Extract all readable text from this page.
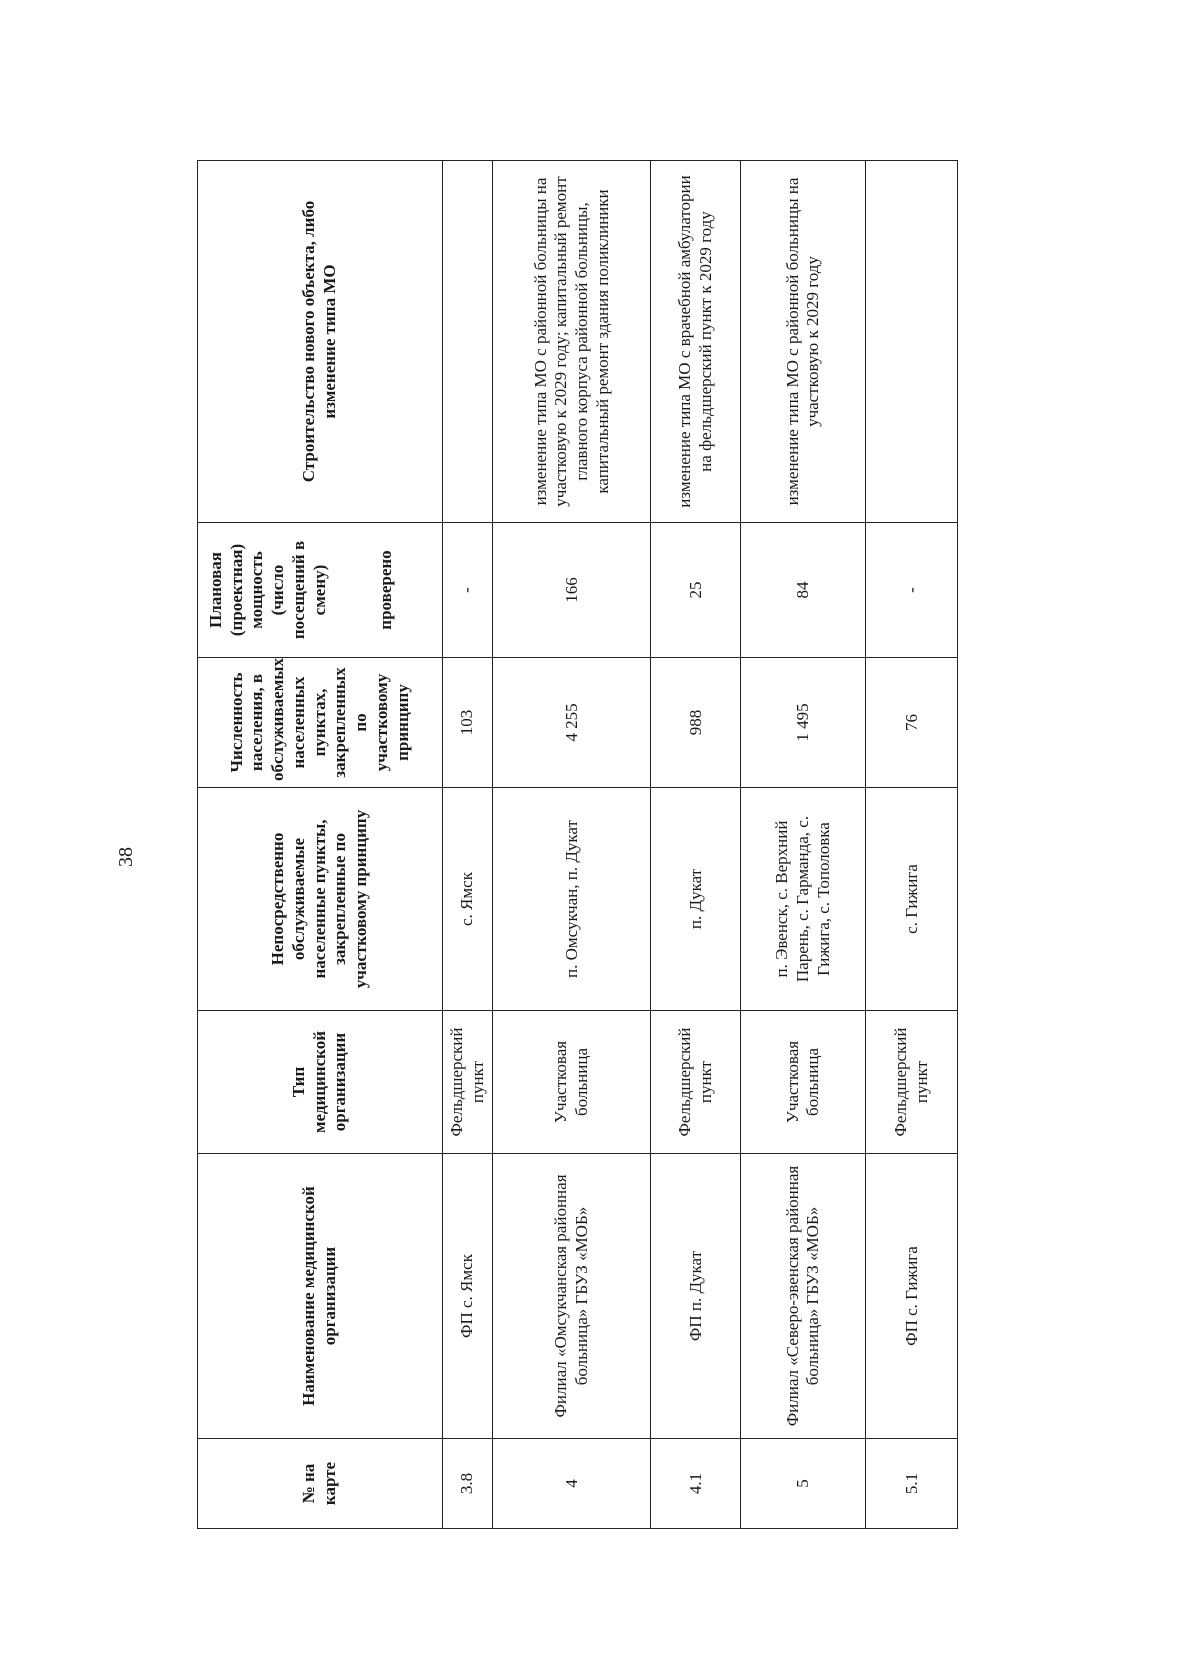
38
№ на карте	Наименование медицинской организации	Тип медицинской организации	Непосредственно обслуживаемые населенные пункты, закрепленные по участковому принципу	Численность населения, в обслуживаемых населенных пунктах, закрепленных по участковому принципу	Плановая (проектная) мощность (число посещений в смену) проверено	Строительство нового объекта, либо изменение типа МО
3.8	ФП с. Ямск	Фельдшерский пункт	с. Ямск	103	-	
4	Филиал «Омсукчанская районная больница» ГБУЗ «МОБ»	Участковая больница	п. Омсукчан, п. Дукат	4 255	166	изменение типа МО с районной больницы на участковую к 2029 году; капитальный ремонт главного корпуса районной больницы, капитальный ремонт здания поликлиники
4.1	ФП п. Дукат	Фельдшерский пункт	п. Дукат	988	25	изменение типа МО с врачебной амбулатории на фельдшерский пункт к 2029 году
5	Филиал «Северо-эвенская районная больница» ГБУЗ «МОБ»	Участковая больница	п. Эвенск, с. Верхний Парень, с. Гарманда, с. Гижига, с. Тополовка	1 495	84	изменение типа МО с районной больницы на участковую к 2029 году
5.1	ФП с. Гижига	Фельдшерский пункт	с. Гижига	76	-	
